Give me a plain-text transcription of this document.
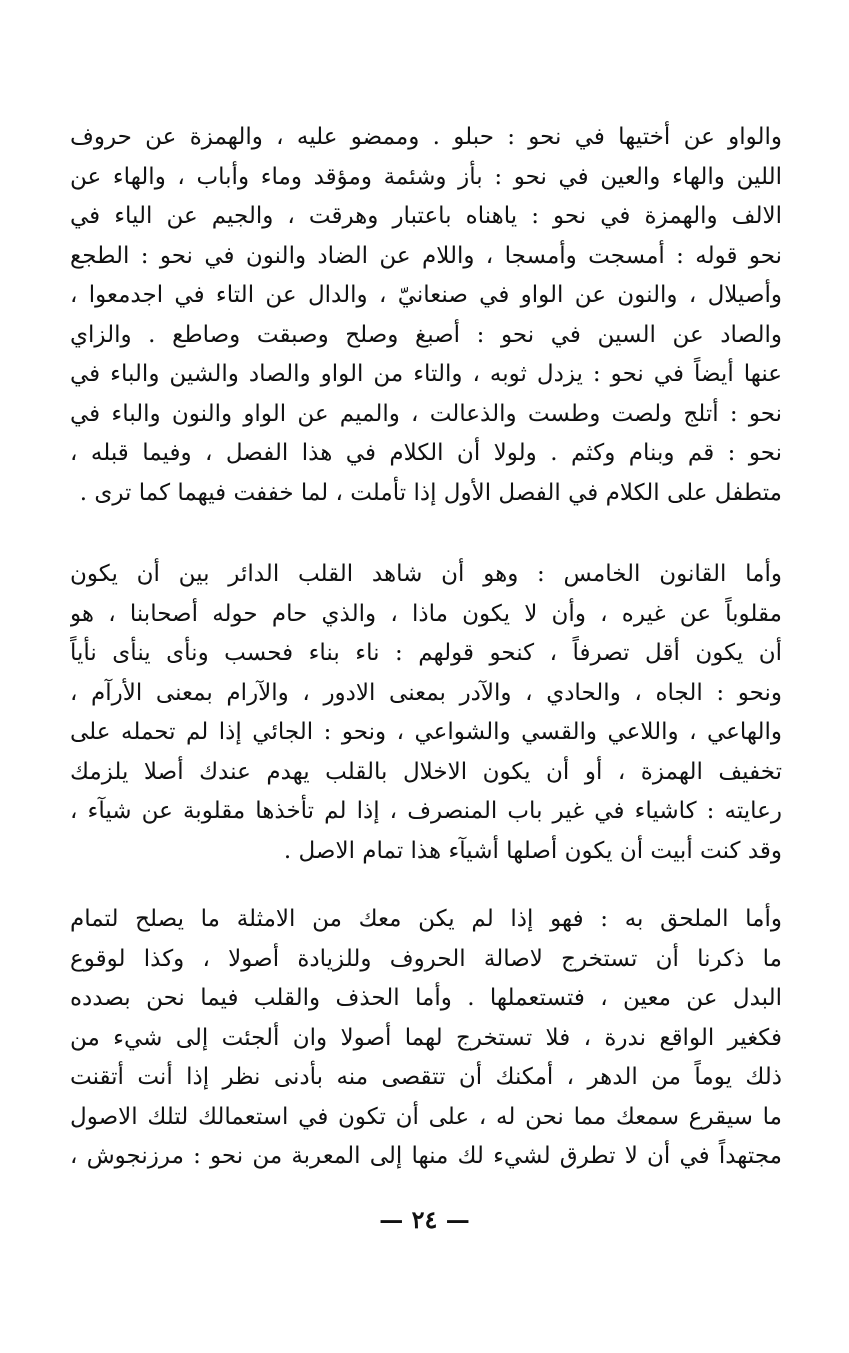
والواو عن أختيها في نحو : حبلو . وممضو عليه ، والهمزة عن حروف
اللين والهاء والعين في نحو : بأز وشئمة ومؤقد وماء وأباب ، والهاء عن
الالف والهمزة في نحو : ياهناه باعتبار وهرقت ، والجيم عن الياء في
نحو قوله : أمسجت وأمسجا ، واللام عن الضاد والنون في نحو : الطجع
وأصيلال ، والنون عن الواو في صنعانيّ ، والدال عن التاء في اجدمعوا ،
والصاد عن السين في نحو : أصبغ وصلح وصبقت وصاطع . والزاي
عنها أيضاً في نحو : يزدل ثوبه ، والتاء من الواو والصاد والشين والباء في
نحو : أتلج ولصت وطست والذعالت ، والميم عن الواو والنون والباء في
نحو : قم وبنام وكثم . ولولا أن الكلام في هذا الفصل ، وفيما قبله ،
متطفل على الكلام في الفصل الأول إذا تأملت ، لما خففت فيهما كما ترى .
وأما القانون الخامس : وهو أن شاهد القلب الدائر بين أن يكون
مقلوباً عن غيره ، وأن لا يكون ماذا ، والذي حام حوله أصحابنا ، هو
أن يكون أقل تصرفاً ، كنحو قولهم : ناء بناء فحسب ونأى ينأى نأياً
ونحو : الجاه ، والحادي ، والآدر بمعنى الادور ، والآرام بمعنى الأرآم ،
والهاعي ، واللاعي والقسي والشواعي ، ونحو : الجائي إذا لم تحمله على
تخفيف الهمزة ، أو أن يكون الاخلال بالقلب يهدم عندك أصلا يلزمك
رعايته : كاشياء في غير باب المنصرف ، إذا لم تأخذها مقلوبة عن شيآء ،
وقد كنت أبيت أن يكون أصلها أشيآء هذا تمام الاصل .
وأما الملحق به : فهو إذا لم يكن معك من الامثلة ما يصلح لتمام
ما ذكرنا أن تستخرج لاصالة الحروف وللزيادة أصولا ، وكذا لوقوع
البدل عن معين ، فتستعملها . وأما الحذف والقلب فيما نحن بصدده
فكغير الواقع ندرة ، فلا تستخرج لهما أصولا وان ألجئت إلى شيء من
ذلك يوماً من الدهر ، أمكنك أن تتقصى منه بأدنى نظر إذا أنت أتقنت
ما سيقرع سمعك مما نحن له ، على أن تكون في استعمالك لتلك الاصول
مجتهداً في أن لا تطرق لشيء لك منها إلى المعربة من نحو : مرزنجوش ،
— ٢٤ —
